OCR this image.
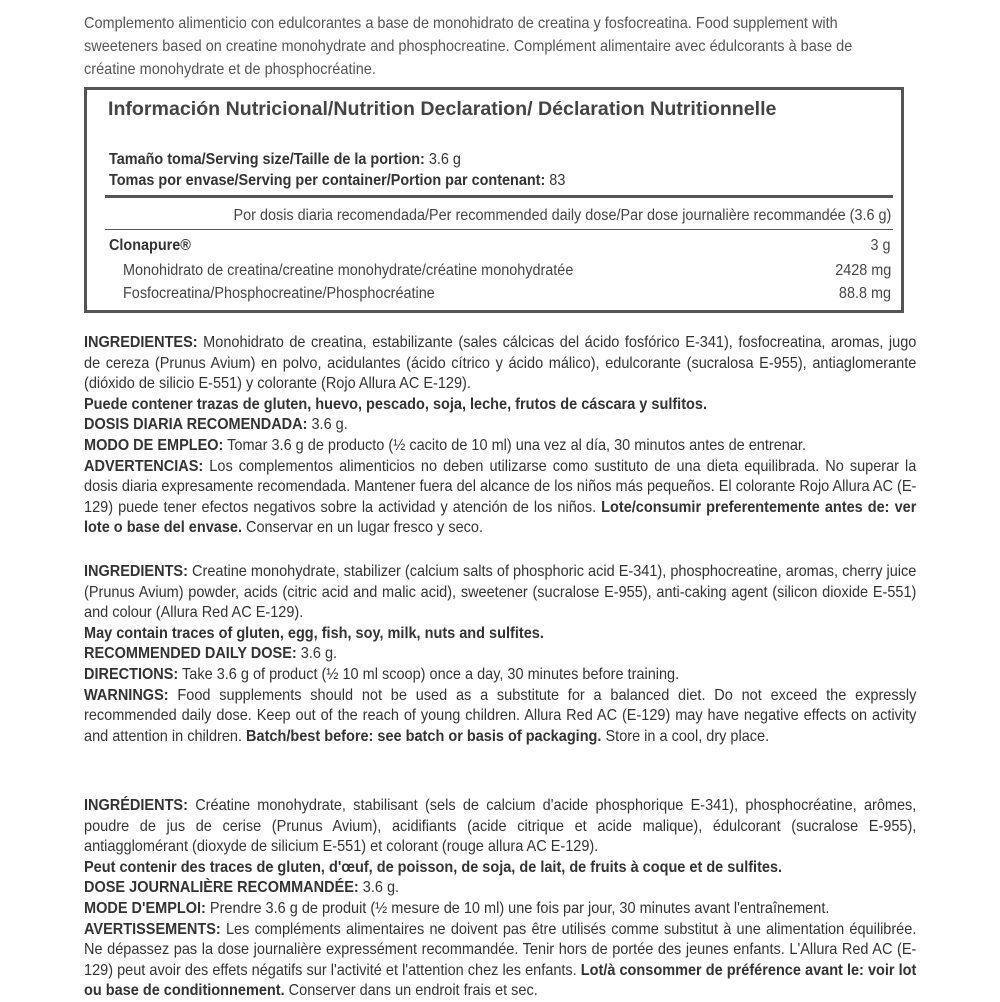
Complemento alimenticio con edulcorantes a base de monohidrato de creatina y fosfocreatina. Food supplement with sweeteners based on creatine monohydrate and phosphocreatine. Complément alimentaire avec édulcorants à base de créatine monohydrate et de phosphocréatine.
Información Nutricional/Nutrition Declaration/ Déclaration Nutritionnelle
Tamaño toma/Serving size/Taille de la portion: 3.6 g
Tomas por envase/Serving per container/Portion par contenant: 83
Por dosis diaria recomendada/Per recommended daily dose/Par dose journalière recommandée (3.6 g)
Clonapure®	3 g
Monohidrato de creatina/creatine monohydrate/créatine monohydratée	2428 mg
Fosfocreatina/Phosphocreatine/Phosphocréatine	88.8 mg

INGREDIENTES: Monohidrato de creatina, estabilizante (sales cálcicas del ácido fosfórico E-341), fosfocreatina, aromas, jugo de cereza (Prunus Avium) en polvo, acidulantes (ácido cítrico y ácido málico), edulcorante (sucralosa E-955), antiaglomerante (dióxido de silicio E-551) y colorante (Rojo Allura AC E-129).

Puede contener trazas de gluten, huevo, pescado, soja, leche, frutos de cáscara y sulfitos.

DOSIS DIARIA RECOMENDADA: 3.6 g.

MODO DE EMPLEO: Tomar 3.6 g de producto (½ cacito de 10 ml) una vez al día, 30 minutos antes de entrenar.

ADVERTENCIAS: Los complementos alimenticios no deben utilizarse como sustituto de una dieta equilibrada. No superar la dosis diaria expresamente recomendada. Mantener fuera del alcance de los niños más pequeños. El colorante Rojo Allura AC (E-129) puede tener efectos negativos sobre la actividad y atención de los niños. Lote/consumir preferentemente antes de: ver lote o base del envase. Conservar en un lugar fresco y seco.

INGREDIENTS: Creatine monohydrate, stabilizer (calcium salts of phosphoric acid E-341), phosphocreatine, aromas, cherry juice (Prunus Avium) powder, acids (citric acid and malic acid), sweetener (sucralose E-955), anti-caking agent (silicon dioxide E-551) and colour (Allura Red AC E-129).

May contain traces of gluten, egg, fish, soy, milk, nuts and sulfites.

RECOMMENDED DAILY DOSE: 3.6 g.

DIRECTIONS: Take 3.6 g of product (½ 10 ml scoop) once a day, 30 minutes before training.

WARNINGS: Food supplements should not be used as a substitute for a balanced diet. Do not exceed the expressly recommended daily dose. Keep out of the reach of young children. Allura Red AC (E-129) may have negative effects on activity and attention in children. Batch/best before: see batch or basis of packaging. Store in a cool, dry place.

INGRÉDIENTS: Créatine monohydrate, stabilisant (sels de calcium d'acide phosphorique E-341), phosphocréatine, arômes, poudre de jus de cerise (Prunus Avium), acidifiants (acide citrique et acide malique), édulcorant (sucralose E-955), antiagglomérant (dioxyde de silicium E-551) et colorant (rouge allura AC E-129).

Peut contenir des traces de gluten, d'œuf, de poisson, de soja, de lait, de fruits à coque et de sulfites.

DOSE JOURNALIÈRE RECOMMANDÉE: 3.6 g.

MODE D'EMPLOI: Prendre 3.6 g de produit (½ mesure de 10 ml) une fois par jour, 30 minutes avant l'entraînement.

AVERTISSEMENTS: Les compléments alimentaires ne doivent pas être utilisés comme substitut à une alimentation équilibrée. Ne dépassez pas la dose journalière expressément recommandée. Tenir hors de portée des jeunes enfants. L'Allura Red AC (E-129) peut avoir des effets négatifs sur l'activité et l'attention chez les enfants. Lot/à consommer de préférence avant le: voir lot ou base de conditionnement. Conserver dans un endroit frais et sec.
